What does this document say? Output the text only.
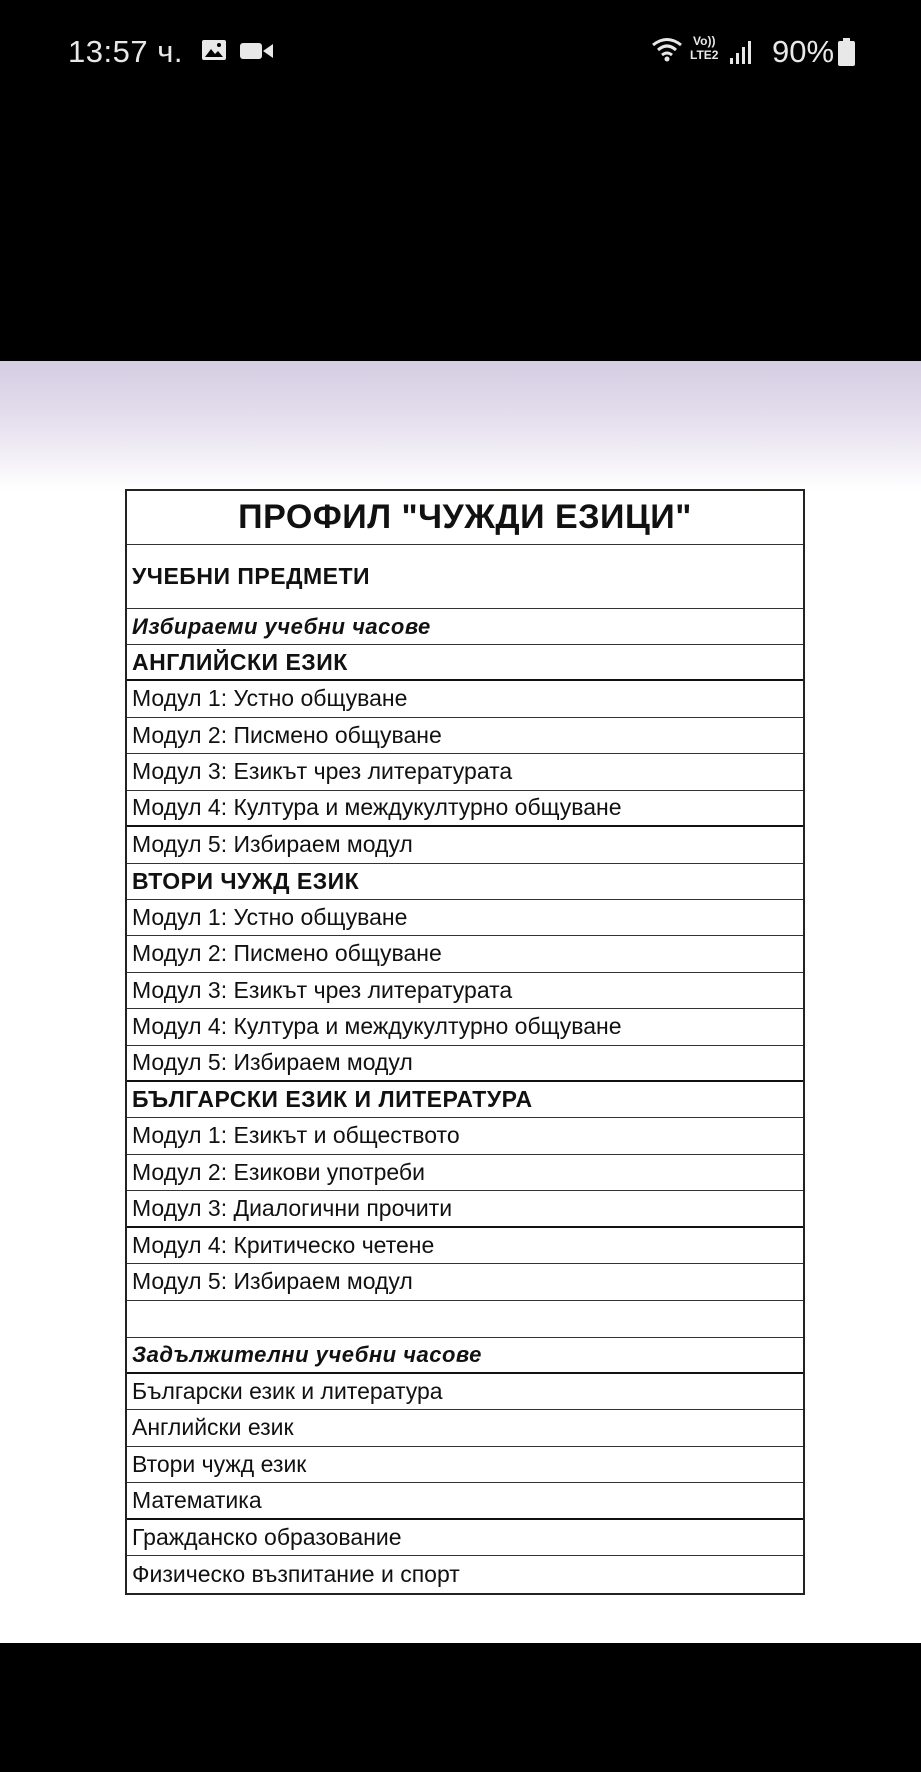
13:57 ч.	Vo))
LTE2 90%
ПРОФИЛ "ЧУЖДИ ЕЗИЦИ"
УЧЕБНИ ПРЕДМЕТИ
Избираеми учебни часове
АНГЛИЙСКИ ЕЗИК
Модул 1: Устно общуване
Модул 2: Писмено общуване
Модул 3: Езикът чрез литературата
Модул 4: Култура и междукултурно общуване
Модул 5: Избираем модул
ВТОРИ ЧУЖД ЕЗИК
Модул 1: Устно общуване
Модул 2: Писмено общуване
Модул 3: Езикът чрез литературата
Модул 4: Култура и междукултурно общуване
Модул 5: Избираем модул
БЪЛГАРСКИ ЕЗИК И ЛИТЕРАТУРА
Модул 1: Езикът и обществото
Модул 2: Езикови употреби
Модул 3: Диалогични прочити
Модул 4: Критическо четене
Модул 5: Избираем модул
Задължителни учебни часове
Български език и литература
Английски език
Втори чужд език
Математика
Гражданско образование
Физическо възпитание и спорт
